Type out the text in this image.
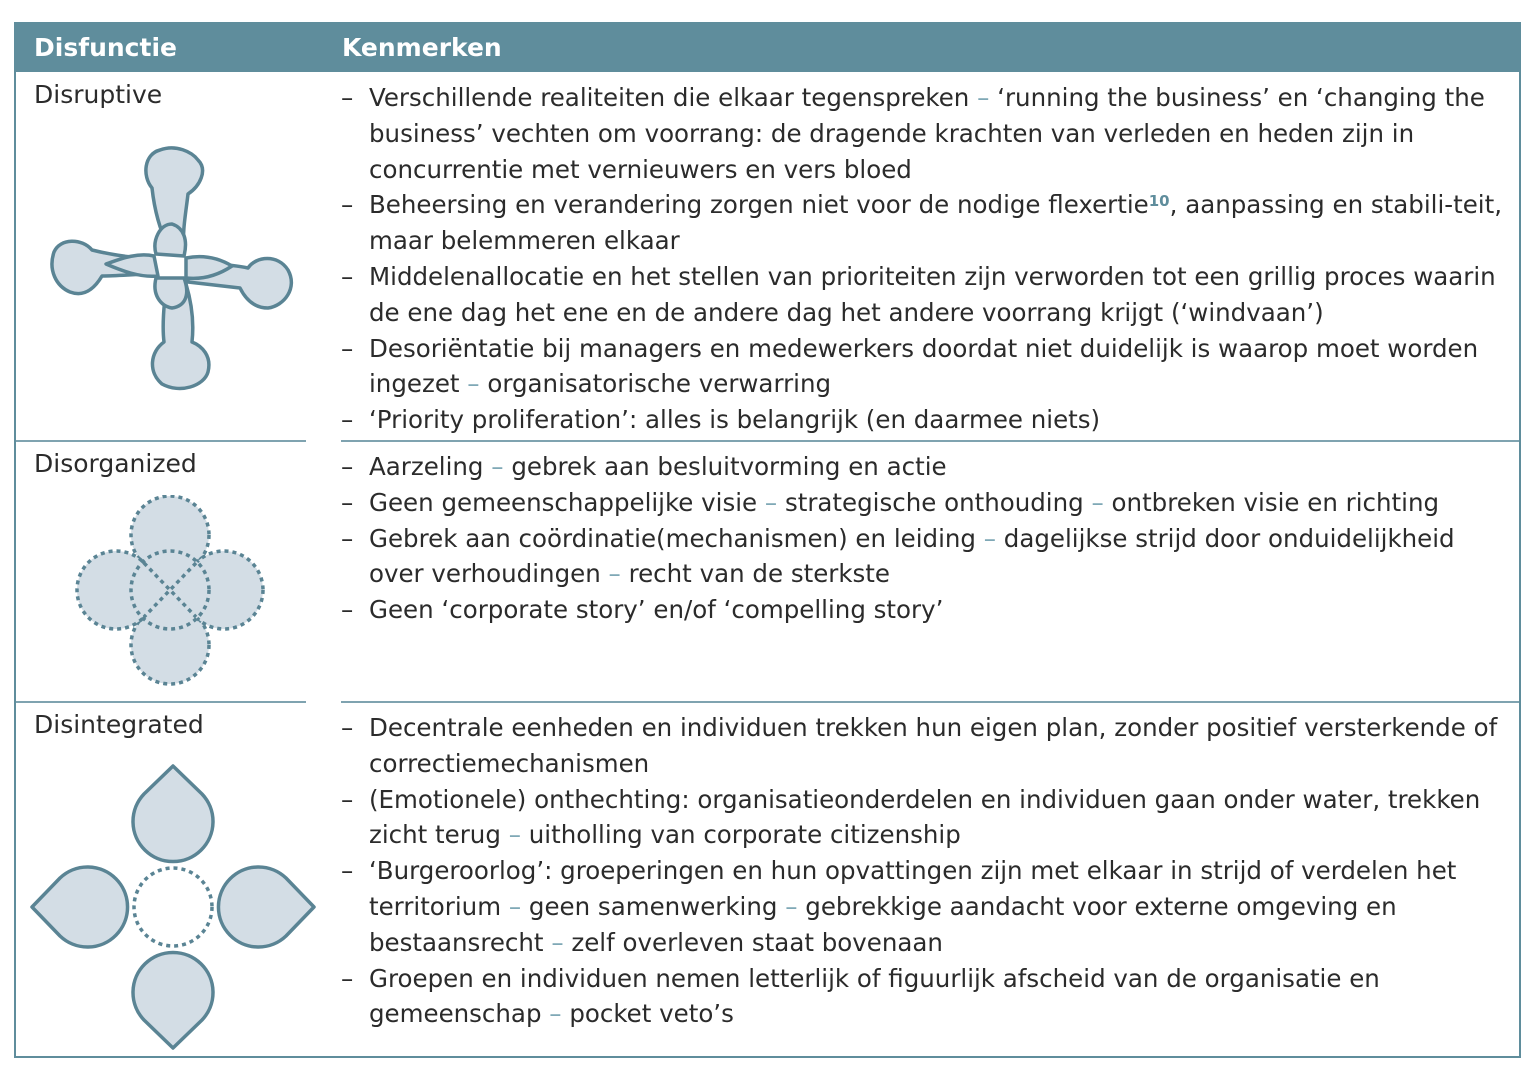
Disfunctie	Kenmerken
Disruptive	– Verschillende realiteiten die elkaar tegenspreken – ‘running the business’ en ‘changing the business’ vechten om voorrang: de dragende krachten van verleden en heden zijn in concurrentie met vernieuwers en vers bloed
– Beheersing en verandering zorgen niet voor de nodige flexertie$^{10}$, aanpassing en stabili-teit, maar belemmeren elkaar
– Middelenallocatie en het stellen van prioriteiten zijn verworden tot een grillig proces waarin de ene dag het ene en de andere dag het andere voorrang krijgt (‘windvaan’)
– Desoriëntatie bij managers en medewerkers doordat niet duidelijk is waarop moet worden ingezet – organisatorische verwarring
– ‘Priority proliferation’: alles is belangrijk (en daarmee niets)
Disorganized	– Aarzeling – gebrek aan besluitvorming en actie
– Geen gemeenschappelijke visie – strategische onthouding – ontbreken visie en richting
– Gebrek aan coördinatie(mechanismen) en leiding – dagelijkse strijd door onduidelijkheid over verhoudingen – recht van de sterkste
– Geen ‘corporate story’ en/of ‘compelling story’
Disintegrated	– Decentrale eenheden en individuen trekken hun eigen plan, zonder positief versterkende of correctiemechanismen
– (Emotionele) onthechting: organisatieonderdelen en individuen gaan onder water, trekken zicht terug – uitholling van corporate citizenship
– ‘Burgeroorlog’: groeperingen en hun opvattingen zijn met elkaar in strijd of verdelen het territorium – geen samenwerking – gebrekkige aandacht voor externe omgeving en bestaansrecht – zelf overleven staat bovenaan
– Groepen en individuen nemen letterlijk of figuurlijk afscheid van de organisatie en gemeenschap – pocket veto’s
